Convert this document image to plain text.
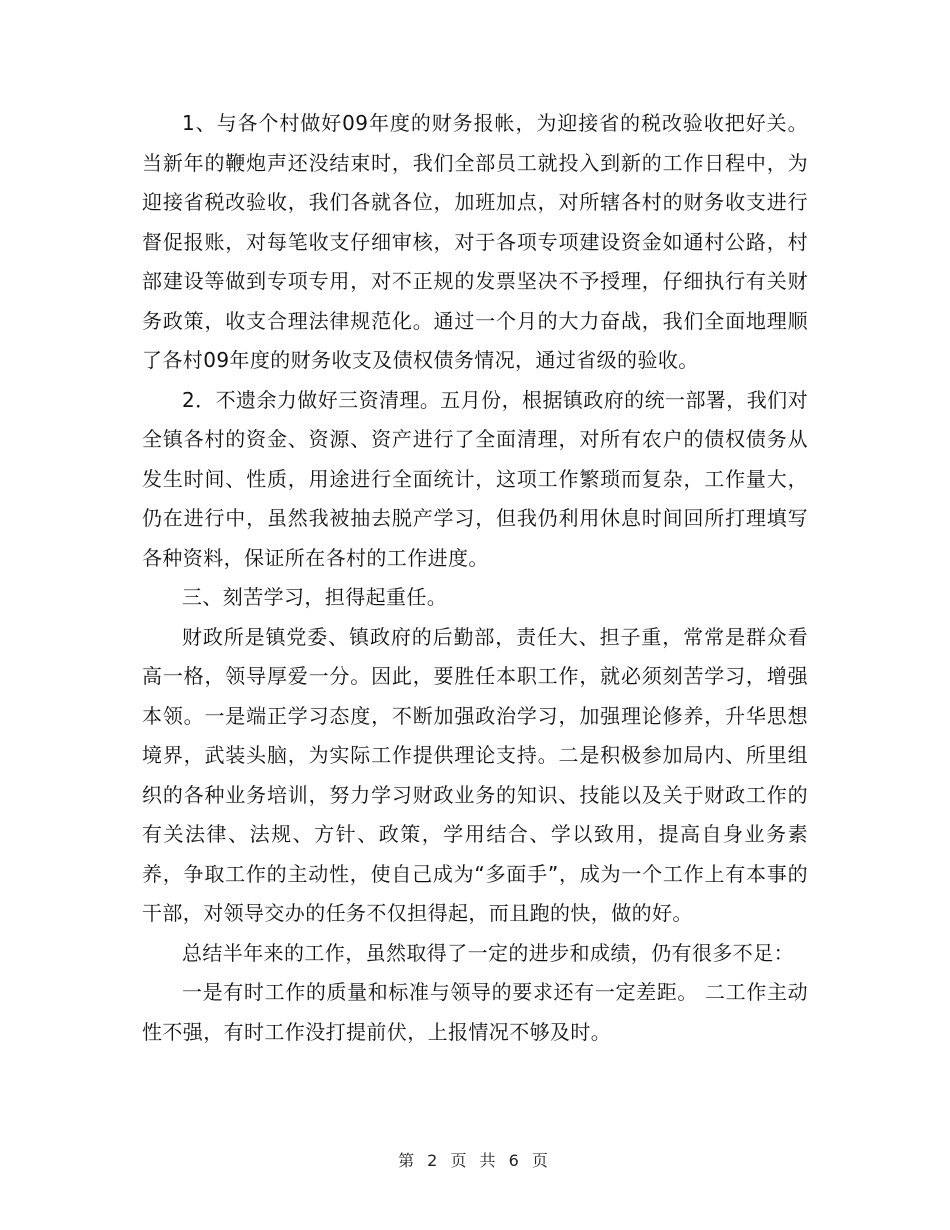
1、与各个村做好09年度的财务报帐，为迎接省的税改验收把好关。当新年的鞭炮声还没结束时，我们全部员工就投入到新的工作日程中，为迎接省税改验收，我们各就各位，加班加点，对所辖各村的财务收支进行督促报账，对每笔收支仔细审核，对于各项专项建设资金如通村公路，村部建设等做到专项专用，对不正规的发票坚决不予授理，仔细执行有关财务政策，收支合理法律规范化。通过一个月的大力奋战，我们全面地理顺了各村09年度的财务收支及债权债务情况，通过省级的验收。

2．不遗余力做好三资清理。五月份，根据镇政府的统一部署，我们对全镇各村的资金、资源、资产进行了全面清理，对所有农户的债权债务从发生时间、性质，用途进行全面统计，这项工作繁琐而复杂，工作量大，仍在进行中，虽然我被抽去脱产学习，但我仍利用休息时间回所打理填写各种资料，保证所在各村的工作进度。

三、刻苦学习，担得起重任。

财政所是镇党委、镇政府的后勤部，责任大、担子重，常常是群众看高一格，领导厚爱一分。因此，要胜任本职工作，就必须刻苦学习，增强本领。一是端正学习态度，不断加强政治学习，加强理论修养，升华思想境界，武装头脑，为实际工作提供理论支持。二是积极参加局内、所里组织的各种业务培训，努力学习财政业务的知识、技能以及关于财政工作的有关法律、法规、方针、政策，学用结合、学以致用，提高自身业务素养，争取工作的主动性，使自己成为“多面手”，成为一个工作上有本事的干部，对领导交办的任务不仅担得起，而且跑的快，做的好。

总结半年来的工作，虽然取得了一定的进步和成绩，仍有很多不足：

一是有时工作的质量和标准与领导的要求还有一定差距。 二工作主动性不强，有时工作没打提前伏，上报情况不够及时。

第 2 页 共 6 页
